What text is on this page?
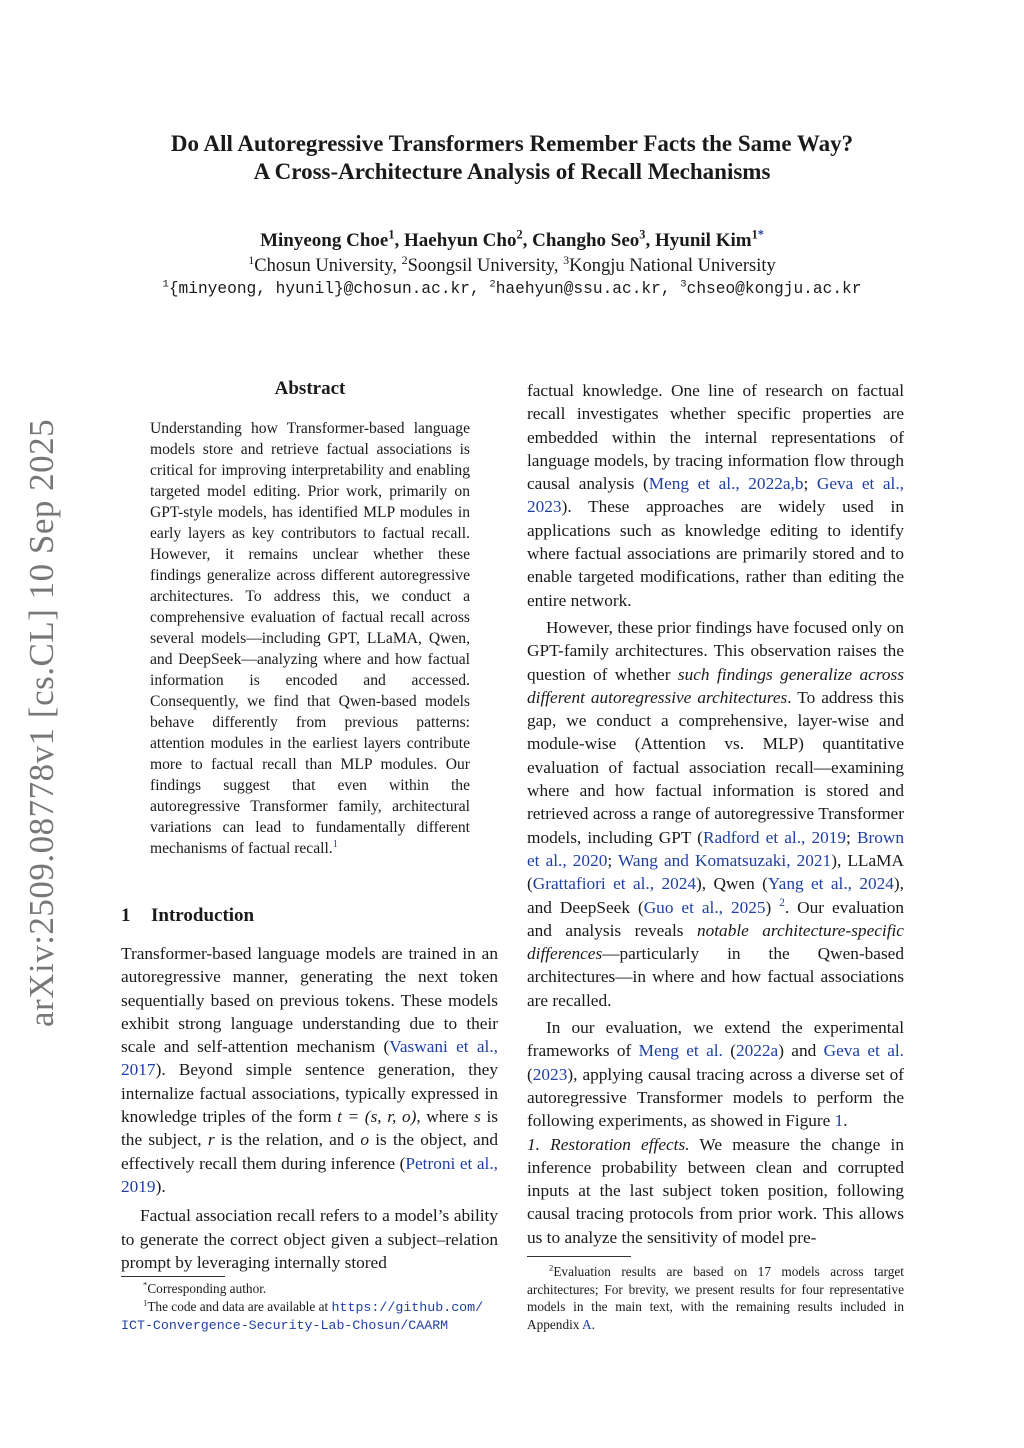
arXiv:2509.08778v1 [cs.CL] 10 Sep 2025
Do All Autoregressive Transformers Remember Facts the Same Way?
A Cross-Architecture Analysis of Recall Mechanisms
Minyeong Choe$^1$, Haehyun Cho$^2$, Changho Seo$^3$, Hyunil Kim$^{1*}$
$^1$Chosun University, $^2$Soongsil University, $^3$Kongju National University
$^1${minyeong, hyunil}@chosun.ac.kr, $^2$haehyun@ssu.ac.kr, $^3$chseo@kongju.ac.kr
Abstract
Understanding how Transformer-based language models store and retrieve factual associations is critical for improving interpretability and enabling targeted model editing. Prior work, primarily on GPT-style models, has identified MLP modules in early layers as key contributors to factual recall. However, it remains unclear whether these findings generalize across different autoregressive architectures. To address this, we conduct a comprehensive evaluation of factual recall across several models—including GPT, LLaMA, Qwen, and DeepSeek—analyzing where and how factual information is encoded and accessed. Consequently, we find that Qwen-based models behave differently from previous patterns: attention modules in the earliest layers contribute more to factual recall than MLP modules. Our findings suggest that even within the autoregressive Transformer family, architectural variations can lead to fundamentally different mechanisms of factual recall.$^1$
1 Introduction

Transformer-based language models are trained in an autoregressive manner, generating the next token sequentially based on previous tokens. These models exhibit strong language understanding due to their scale and self-attention mechanism (Vaswani et al., 2017). Beyond simple sentence generation, they internalize factual associations, typically expressed in knowledge triples of the form t = (s, r, o), where s is the subject, r is the relation, and o is the object, and effectively recall them during inference (Petroni et al., 2019).

Factual association recall refers to a model’s ability to generate the correct object given a subject–relation prompt by leveraging internally stored

*Corresponding author.
$^1$The code and data are available at https://github.com/
ICT-Convergence-Security-Lab-Chosun/CAARM

factual knowledge. One line of research on factual recall investigates whether specific properties are embedded within the internal representations of language models, by tracing information flow through causal analysis (Meng et al., 2022a,b; Geva et al., 2023). These approaches are widely used in applications such as knowledge editing to identify where factual associations are primarily stored and to enable targeted modifications, rather than editing the entire network.

However, these prior findings have focused only on GPT-family architectures. This observation raises the question of whether such findings generalize across different autoregressive architectures. To address this gap, we conduct a comprehensive, layer-wise and module-wise (Attention vs. MLP) quantitative evaluation of factual association recall—examining where and how factual information is stored and retrieved across a range of autoregressive Transformer models, including GPT (Radford et al., 2019; Brown et al., 2020; Wang and Komatsuzaki, 2021), LLaMA (Grattafiori et al., 2024), Qwen (Yang et al., 2024), and DeepSeek (Guo et al., 2025) $^2$. Our evaluation and analysis reveals notable architecture-specific differences—particularly in the Qwen-based architectures—in where and how factual associations are recalled.

In our evaluation, we extend the experimental frameworks of Meng et al. (2022a) and Geva et al. (2023), applying causal tracing across a diverse set of autoregressive Transformer models to perform the following experiments, as showed in Figure 1.

1. Restoration effects. We measure the change in inference probability between clean and corrupted inputs at the last subject token position, following causal tracing protocols from prior work. This allows us to analyze the sensitivity of model pre-

$^2$Evaluation results are based on 17 models across target architectures; For brevity, we present results for four representative models in the main text, with the remaining results included in Appendix A.
